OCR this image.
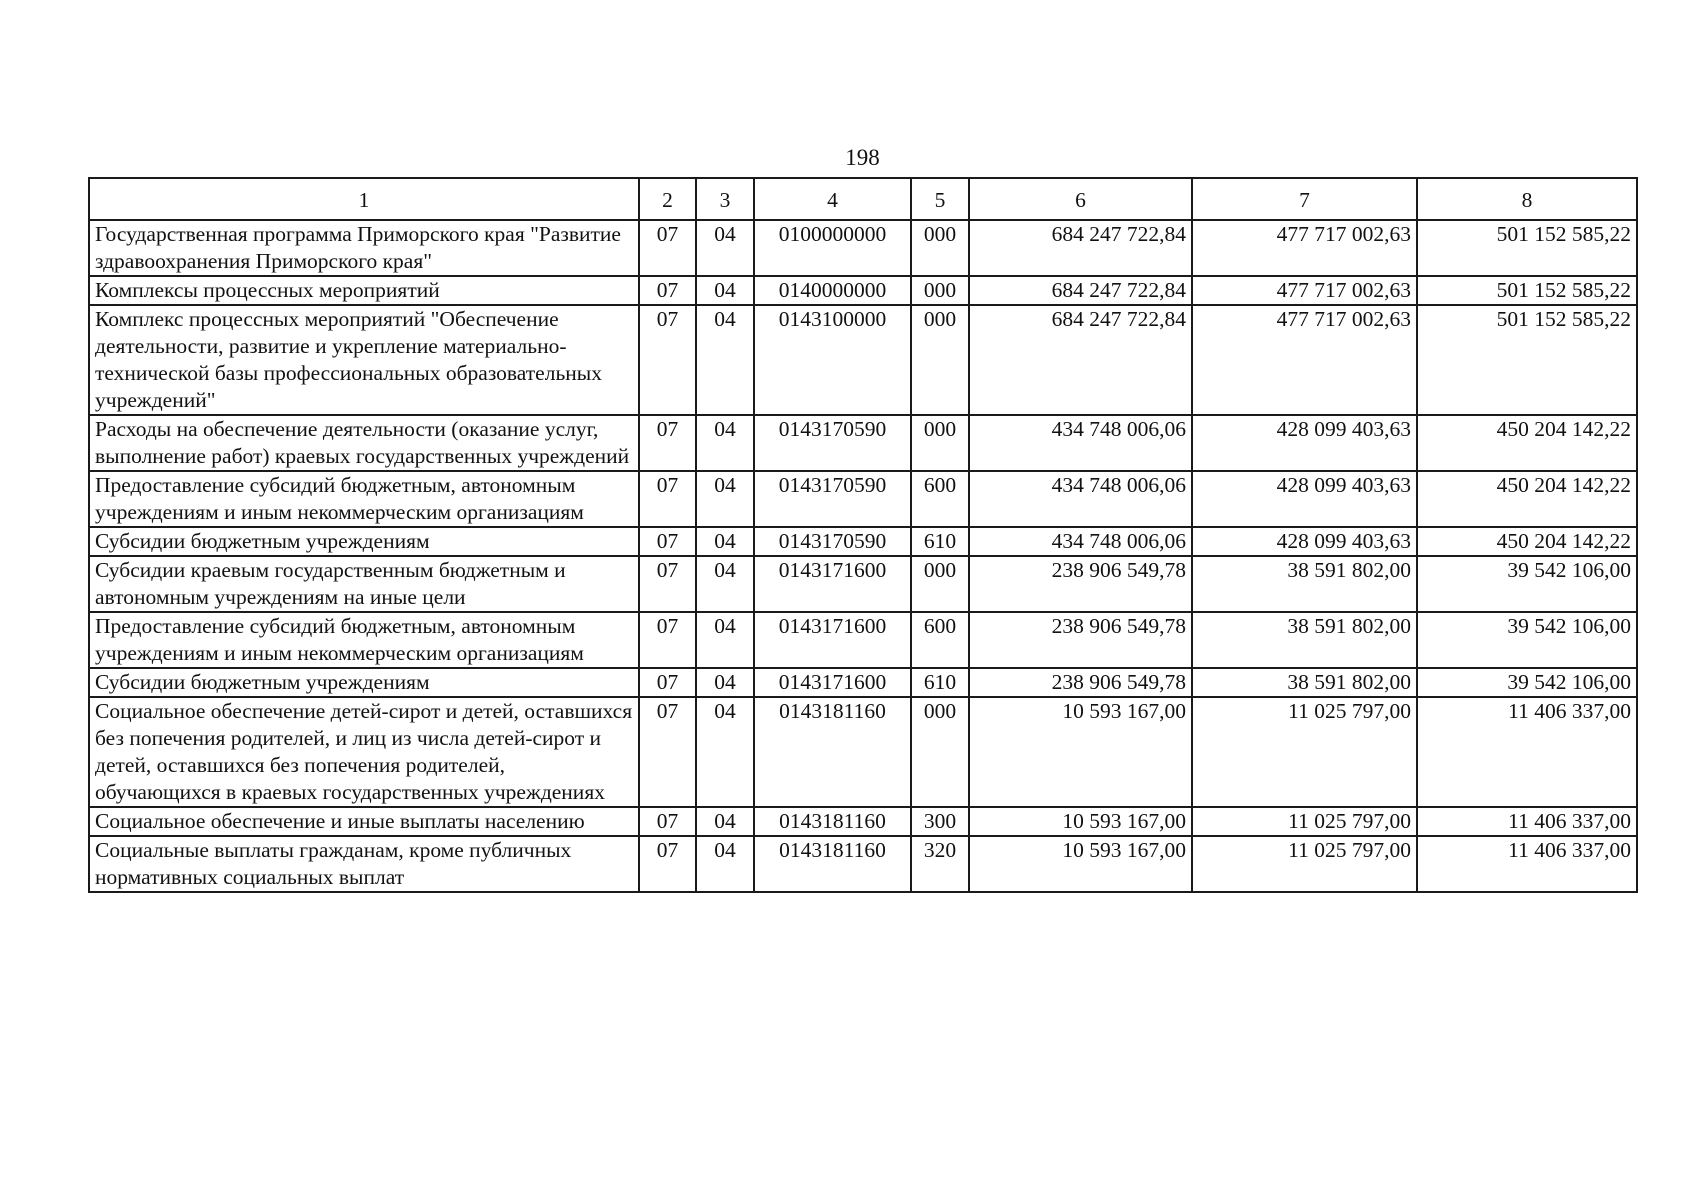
198
1	2	3	4	5	6	7	8
Государственная программа Приморского края "Развитие здравоохранения Приморского края"	07	04	0100000000	000	684 247 722,84	477 717 002,63	501 152 585,22
Комплексы процессных мероприятий	07	04	0140000000	000	684 247 722,84	477 717 002,63	501 152 585,22
Комплекс процессных мероприятий "Обеспечение деятельности, развитие и укрепление материально-технической базы профессиональных образовательных учреждений"	07	04	0143100000	000	684 247 722,84	477 717 002,63	501 152 585,22
Расходы на обеспечение деятельности (оказание услуг, выполнение работ) краевых государственных учреждений	07	04	0143170590	000	434 748 006,06	428 099 403,63	450 204 142,22
Предоставление субсидий бюджетным, автономным учреждениям и иным некоммерческим организациям	07	04	0143170590	600	434 748 006,06	428 099 403,63	450 204 142,22
Субсидии бюджетным учреждениям	07	04	0143170590	610	434 748 006,06	428 099 403,63	450 204 142,22
Субсидии краевым государственным бюджетным и автономным учреждениям на иные цели	07	04	0143171600	000	238 906 549,78	38 591 802,00	39 542 106,00
Предоставление субсидий бюджетным, автономным учреждениям и иным некоммерческим организациям	07	04	0143171600	600	238 906 549,78	38 591 802,00	39 542 106,00
Субсидии бюджетным учреждениям	07	04	0143171600	610	238 906 549,78	38 591 802,00	39 542 106,00
Социальное обеспечение детей-сирот и детей, оставшихся без попечения родителей, и лиц из числа детей-сирот и детей, оставшихся без попечения родителей, обучающихся в краевых государственных учреждениях	07	04	0143181160	000	10 593 167,00	11 025 797,00	11 406 337,00
Социальное обеспечение и иные выплаты населению	07	04	0143181160	300	10 593 167,00	11 025 797,00	11 406 337,00
Социальные выплаты гражданам, кроме публичных нормативных социальных выплат	07	04	0143181160	320	10 593 167,00	11 025 797,00	11 406 337,00
